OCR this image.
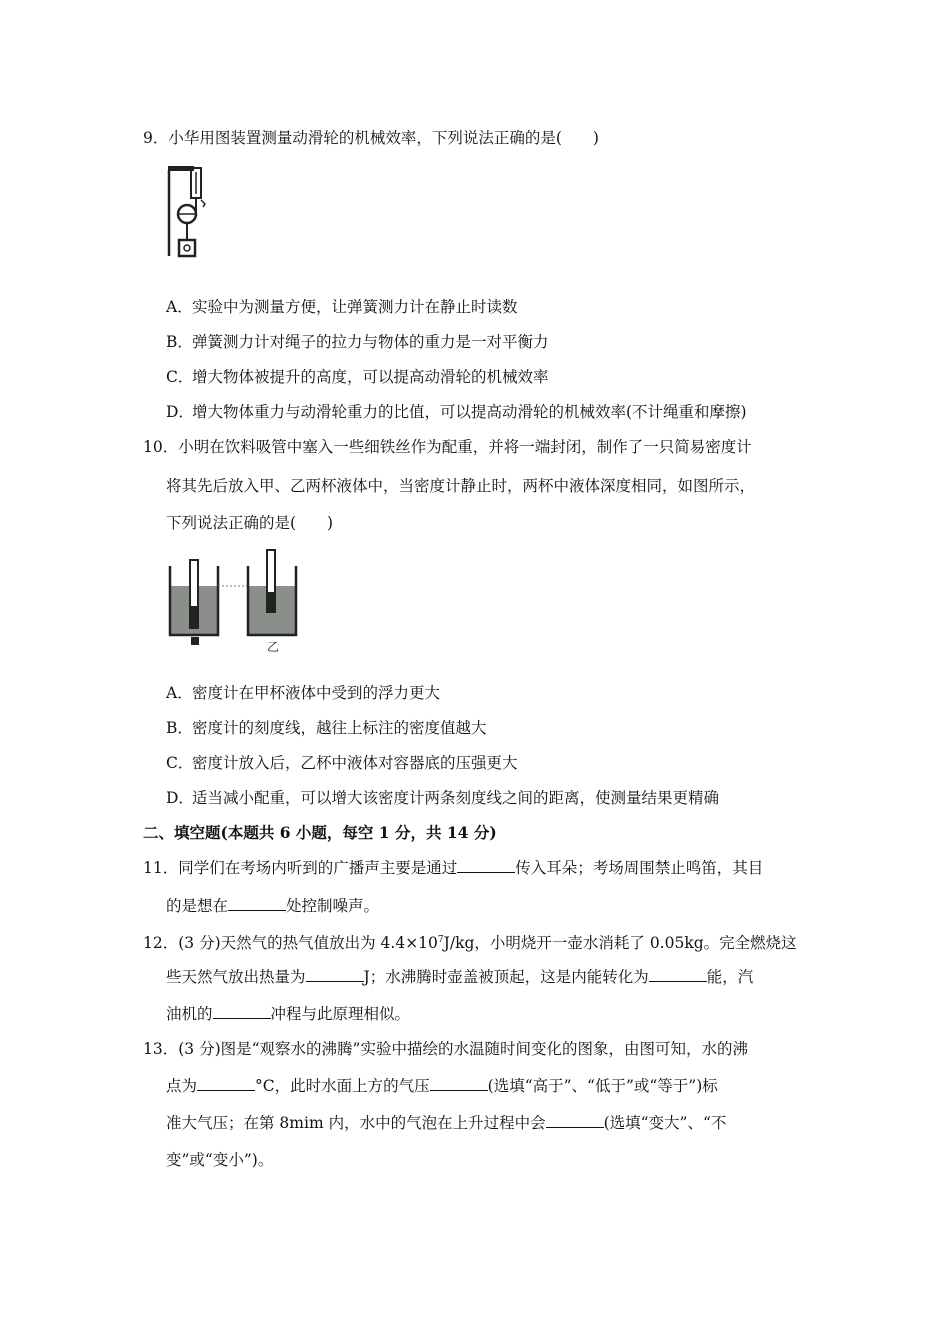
9．小华用图装置测量动滑轮的机械效率，下列说法正确的是(　　)
A．实验中为测量方便，让弹簧测力计在静止时读数
B．弹簧测力计对绳子的拉力与物体的重力是一对平衡力
C．增大物体被提升的高度，可以提高动滑轮的机械效率
D．增大物体重力与动滑轮重力的比值，可以提高动滑轮的机械效率(不计绳重和摩擦)
10．小明在饮料吸管中塞入一些细铁丝作为配重，并将一端封闭，制作了一只简易密度计
将其先后放入甲、乙两杯液体中，当密度计静止时，两杯中液体深度相同，如图所示，
下列说法正确的是(　　)
乙
A．密度计在甲杯液体中受到的浮力更大
B．密度计的刻度线，越往上标注的密度值越大
C．密度计放入后，乙杯中液体对容器底的压强更大
D．适当减小配重，可以增大该密度计两条刻度线之间的距离，使测量结果更精确
二、填空题(本题共 6 小题，每空 1 分，共 14 分)
11．同学们在考场内听到的广播声主要是通过	传入耳朵；考场周围禁止鸣笛，其目
的是想在	处控制噪声。
12．(3 分)天然气的热气值放出为 $4.4\times 10^7J/kg$，小明烧开一壶水消耗了 0.05kg。完全燃烧这
些天然气放出热量为	J；水沸腾时壶盖被顶起，这是内能转化为	能，汽
油机的	冲程与此原理相似。
13．(3 分)图是“观察水的沸腾”实验中描绘的水温随时间变化的图象，由图可知，水的沸
点为	°C，此时水面上方的气压	(选填“高于”、“低于”或“等于”)标
准大气压；在第 8mim 内，水中的气泡在上升过程中会	(选填“变大”、“不
变”或“变小”)。
